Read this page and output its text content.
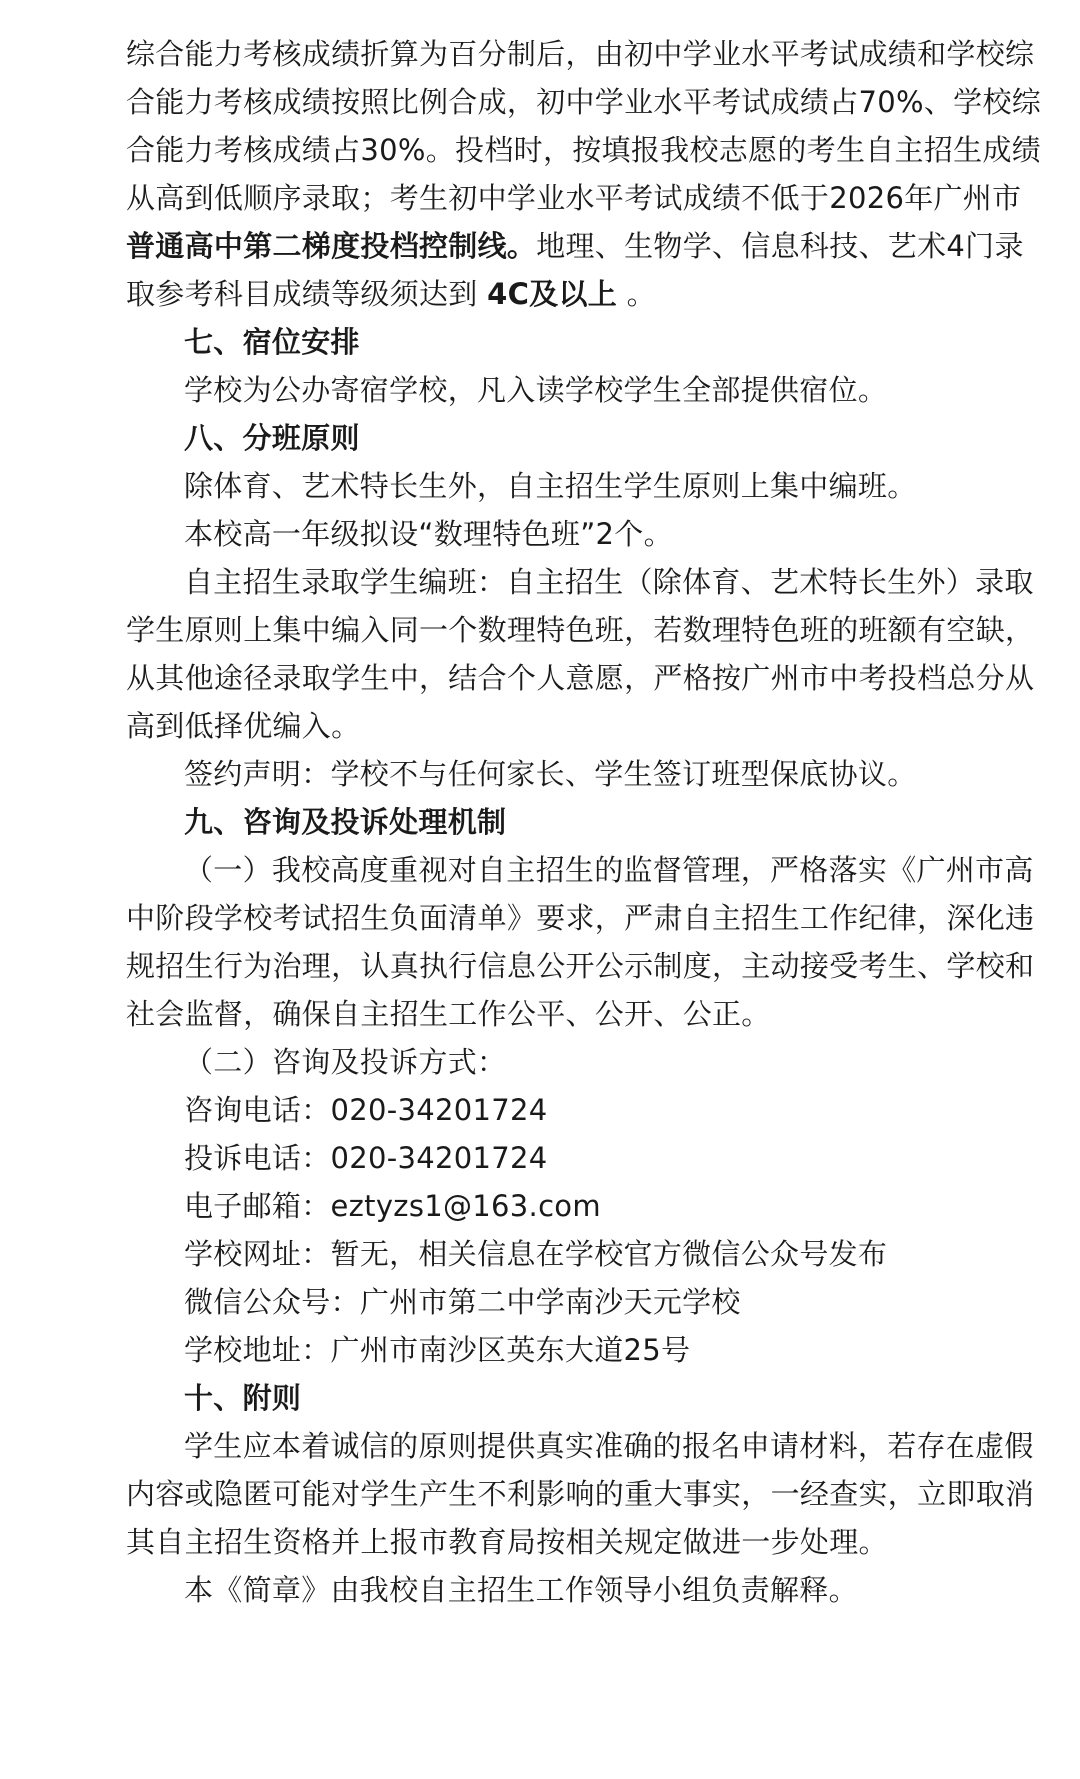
综合能力考核成绩折算为百分制后，由初中学业水平考试成绩和学校综
合能力考核成绩按照比例合成，初中学业水平考试成绩占70%、学校综
合能力考核成绩占30%。投档时，按填报我校志愿的考生自主招生成绩
从高到低顺序录取；考生初中学业水平考试成绩不低于2026年广州市
普通高中第二梯度投档控制线。地理、生物学、信息科技、艺术4门录
取参考科目成绩等级须达到 4C及以上 。
七、宿位安排
学校为公办寄宿学校，凡入读学校学生全部提供宿位。
八、分班原则
除体育、艺术特长生外，自主招生学生原则上集中编班。
本校高一年级拟设“数理特色班”2个。
自主招生录取学生编班：自主招生（除体育、艺术特长生外）录取
学生原则上集中编入同一个数理特色班，若数理特色班的班额有空缺，
从其他途径录取学生中，结合个人意愿，严格按广州市中考投档总分从
高到低择优编入。
签约声明：学校不与任何家长、学生签订班型保底协议。
九、咨询及投诉处理机制
（一）我校高度重视对自主招生的监督管理，严格落实《广州市高
中阶段学校考试招生负面清单》要求，严肃自主招生工作纪律，深化违
规招生行为治理，认真执行信息公开公示制度，主动接受考生、学校和
社会监督，确保自主招生工作公平、公开、公正。
（二）咨询及投诉方式：
咨询电话：020-34201724
投诉电话：020-34201724
电子邮箱：eztyzs1@163.com
学校网址：暂无，相关信息在学校官方微信公众号发布
微信公众号：广州市第二中学南沙天元学校
学校地址：广州市南沙区英东大道25号
十、附则
学生应本着诚信的原则提供真实准确的报名申请材料，若存在虚假
内容或隐匿可能对学生产生不利影响的重大事实，一经查实，立即取消
其自主招生资格并上报市教育局按相关规定做进一步处理。
本《简章》由我校自主招生工作领导小组负责解释。
